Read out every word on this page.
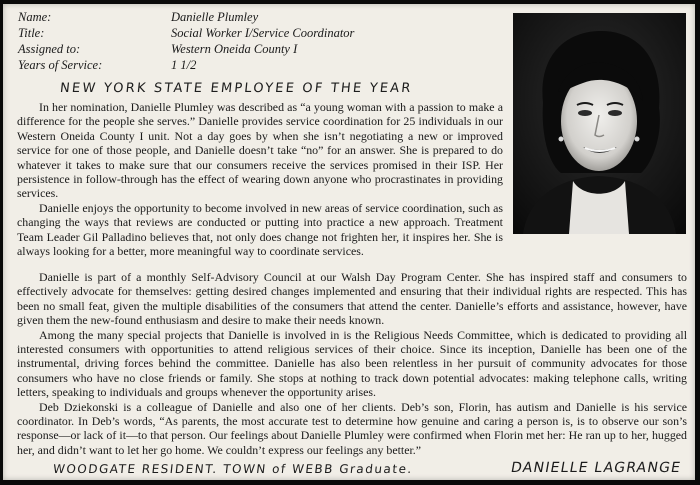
Name:	Danielle Plumley
Title:	Social Worker I/Service Coordinator
Assigned to:	Western Oneida County I
Years of Service:	1 1/2
NEW YORK STATE EMPLOYEE OF THE YEAR

In her nomination, Danielle Plumley was described as “a young woman with a passion to make a difference for the people she serves.” Danielle provides service coordination for 25 individuals in our Western Oneida County I unit. Not a day goes by when she isn’t negotiating a new or improved service for one of those people, and Danielle doesn’t take “no” for an answer. She is prepared to do whatever it takes to make sure that our consumers receive the services promised in their ISP. Her persistence in follow-through has the effect of wearing down anyone who procrastinates in providing services.

Danielle enjoys the opportunity to become involved in new areas of service coordination, such as changing the ways that reviews are conducted or putting into practice a new approach. Treatment Team Leader Gil Palladino believes that, not only does change not frighten her, it inspires her. She is always looking for a better, more meaningful way to coordinate services.

Danielle is part of a monthly Self-Advisory Council at our Walsh Day Program Center. She has inspired staff and consumers to effectively advocate for themselves: getting desired changes implemented and ensuring that their individual rights are respected. This has been no small feat, given the multiple disabilities of the consumers that attend the center. Danielle’s efforts and assistance, however, have given them the new-found enthusiasm and desire to make their needs known.

Among the many special projects that Danielle is involved in is the Religious Needs Committee, which is dedicated to providing all interested consumers with opportunities to attend religious services of their choice. Since its inception, Danielle has been one of the instrumental, driving forces behind the committee. Danielle has also been relentless in her pursuit of community advocates for those consumers who have no close friends or family. She stops at nothing to track down potential advocates: making telephone calls, writing letters, speaking to individuals and groups whenever the opportunity arises.

Deb Dziekonski is a colleague of Danielle and also one of her clients. Deb’s son, Florin, has autism and Danielle is his service coordinator. In Deb’s words, “As parents, the most accurate test to determine how genuine and caring a person is, is to observe our son’s response—or lack of it—to that person. Our feelings about Danielle Plumley were confirmed when Florin met her: He ran up to her, hugged her, and didn’t want to let her go home. We couldn’t express our feelings any better.”

WOODGATE RESIDENT. TOWN of WEBB Graduate.	DANIELLE LAGRANGE
